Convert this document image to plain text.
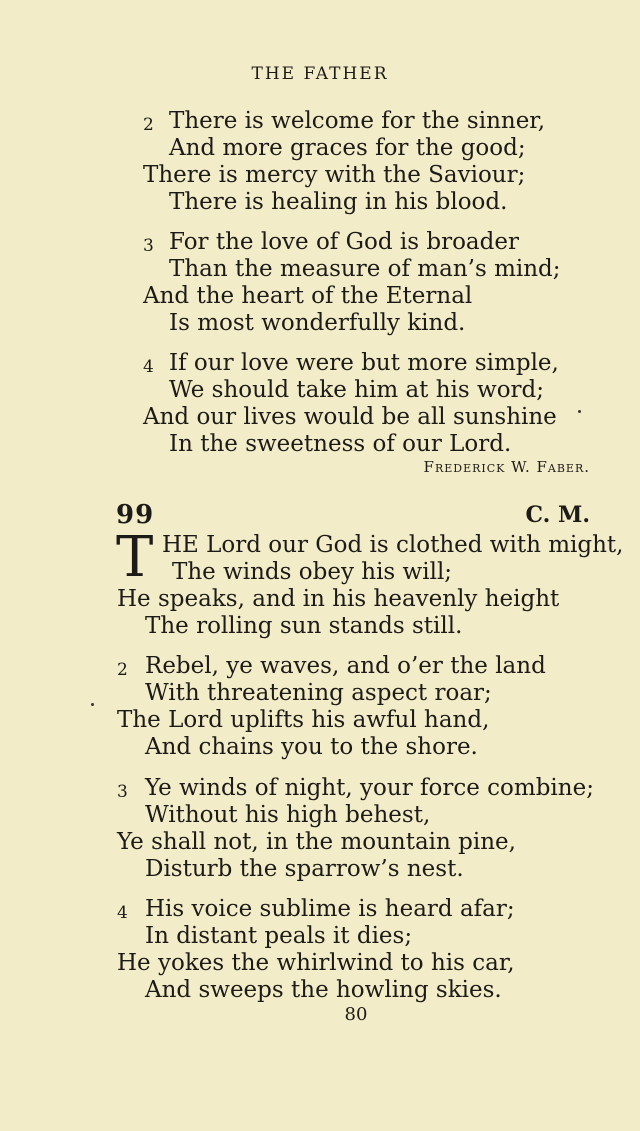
THE FATHER
2 There is welcome for the sinner,
And more graces for the good;
There is mercy with the Saviour;
There is healing in his blood.
3 For the love of God is broader
Than the measure of man’s mind;
And the heart of the Eternal
Is most wonderfully kind.
4 If our love were but more simple,
We should take him at his word;
And our lives would be all sunshine
In the sweetness of our Lord.
Frederick W. Faber.
99	C. M.
T HE Lord our God is clothed with might,
The winds obey his will;
He speaks, and in his heavenly height
The rolling sun stands still.
2 Rebel, ye waves, and o’er the land
With threatening aspect roar;
The Lord uplifts his awful hand,
And chains you to the shore.
3 Ye winds of night, your force combine;
Without his high behest,
Ye shall not, in the mountain pine,
Disturb the sparrow’s nest.
4 His voice sublime is heard afar;
In distant peals it dies;
He yokes the whirlwind to his car,
And sweeps the howling skies.
80
